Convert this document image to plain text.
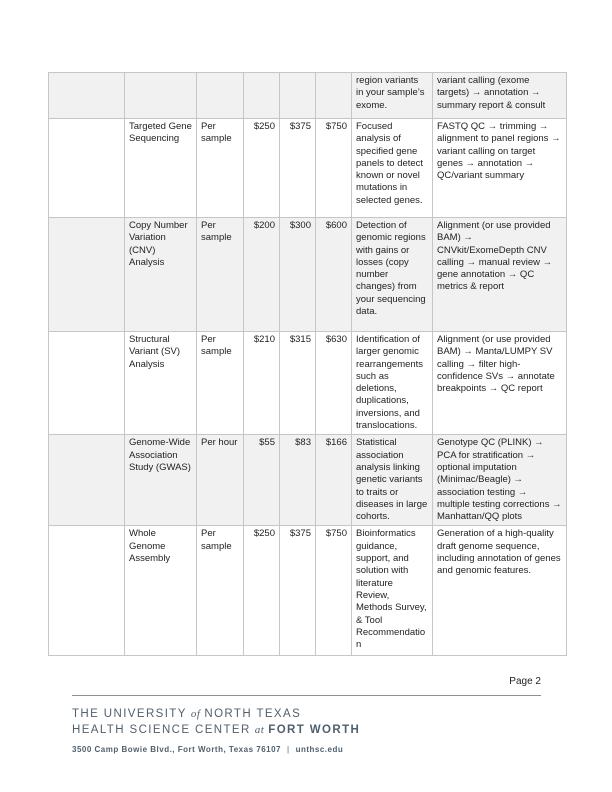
						region variants in your sample’s exome.	variant calling (exome targets) → annotation → summary report & consult
	Targeted Gene Sequencing	Per sample	$250	$375	$750	Focused analysis of specified gene panels to detect known or novel mutations in selected genes.	FASTQ QC → trimming → alignment to panel regions → variant calling on target genes → annotation → QC/variant summary
	Copy Number Variation (CNV) Analysis	Per sample	$200	$300	$600	Detection of genomic regions with gains or losses (copy number changes) from your sequencing data.	Alignment (or use provided BAM) → CNVkit/ExomeDepth CNV calling → manual review → gene annotation → QC metrics & report
	Structural Variant (SV) Analysis	Per sample	$210	$315	$630	Identification of larger genomic rearrangements such as deletions, duplications, inversions, and translocations.	Alignment (or use provided BAM) → Manta/LUMPY SV calling → filter high-confidence SVs → annotate breakpoints → QC report
	Genome-Wide Association Study (GWAS)	Per hour	$55	$83	$166	Statistical association analysis linking genetic variants to traits or diseases in large cohorts.	Genotype QC (PLINK) → PCA for stratification → optional imputation (Minimac/Beagle) → association testing → multiple testing corrections → Manhattan/QQ plots
	Whole Genome Assembly	Per sample	$250	$375	$750	Bioinformatics guidance, support, and solution with literature Review, Methods Survey, & Tool Recommendation	Generation of a high-quality draft genome sequence, including annotation of genes and genomic features.
Page 2
THE UNIVERSITY of NORTH TEXAS
HEALTH SCIENCE CENTER at FORT WORTH
3500 Camp Bowie Blvd., Fort Worth, Texas 76107 | unthsc.edu
